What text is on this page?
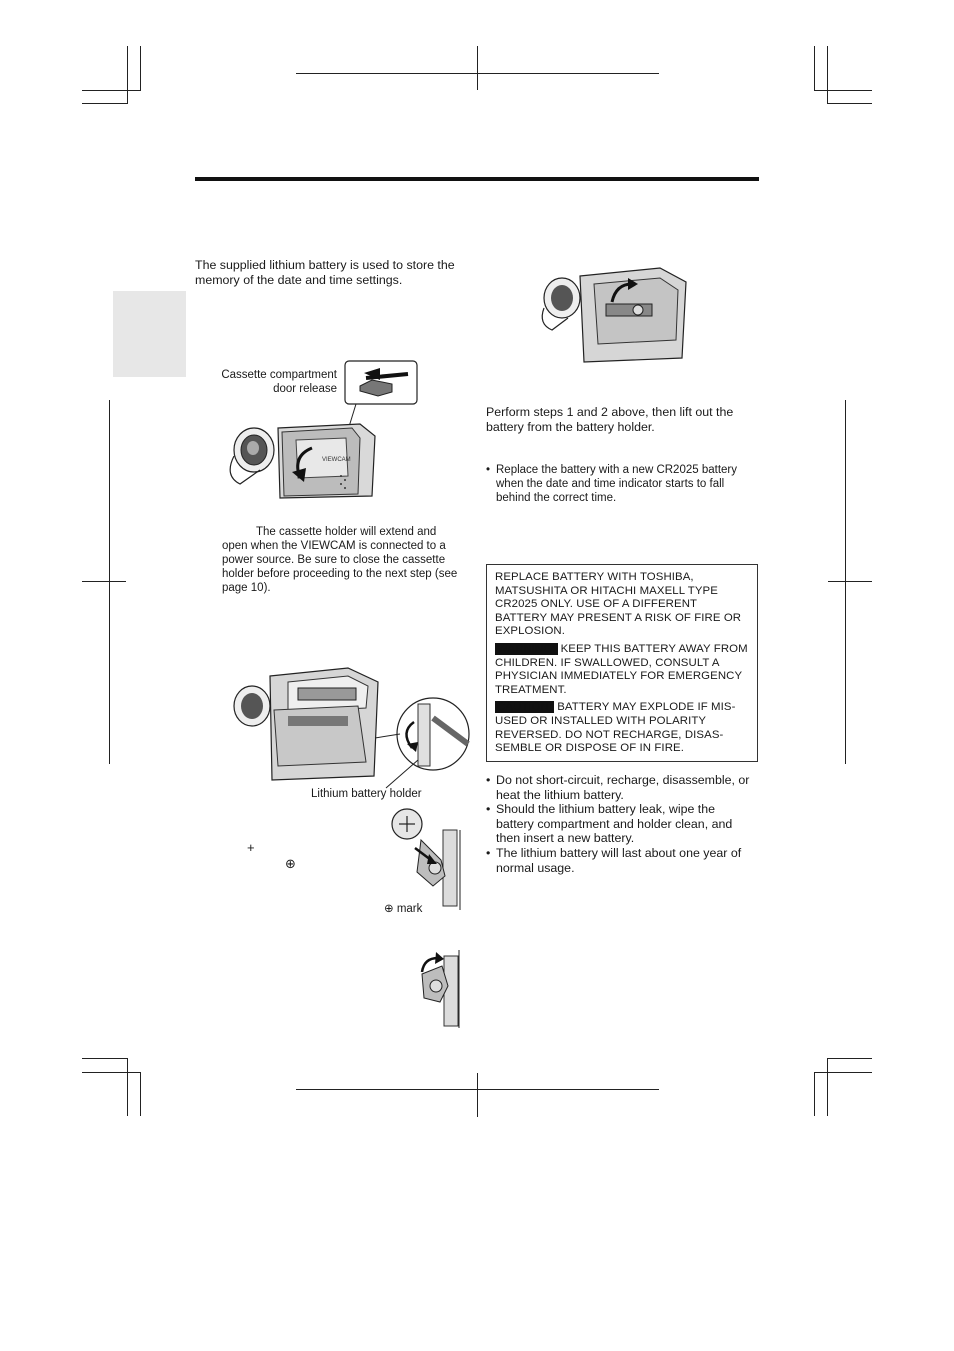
The supplied lithium battery is used to store the memory of the date and time settings.
Cassette compartment door release
VIEWCAM
The cassette holder will extend and open when the VIEWCAM is connected to a power source. Be sure to close the cassette holder before proceeding to the next step (see page 10).
Lithium battery holder
+
⊕
⊕ mark
Perform steps 1 and 2 above, then lift out the battery from the battery holder.
• Replace the battery with a new CR2025 battery when the date and time indicator starts to fall behind the correct time.

REPLACE BATTERY WITH TOSHIBA, MATSUSHITA OR HITACHI MAXELL TYPE CR2025 ONLY. USE OF A DIFFERENT BATTERY MAY PRESENT A RISK OF FIRE OR EXPLOSION.

WARNING: KEEP THIS BATTERY AWAY FROM CHILDREN. IF SWALLOWED, CONSULT A PHYSICIAN IMMEDIATELY FOR EMERGENCY TREATMENT.

CAUTION: BATTERY MAY EXPLODE IF MIS-USED OR INSTALLED WITH POLARITY REVERSED. DO NOT RECHARGE, DISAS-SEMBLE OR DISPOSE OF IN FIRE.

• Do not short-circuit, recharge, disassemble, or heat the lithium battery.
• Should the lithium battery leak, wipe the battery compartment and holder clean, and then insert a new battery.
• The lithium battery will last about one year of normal usage.
